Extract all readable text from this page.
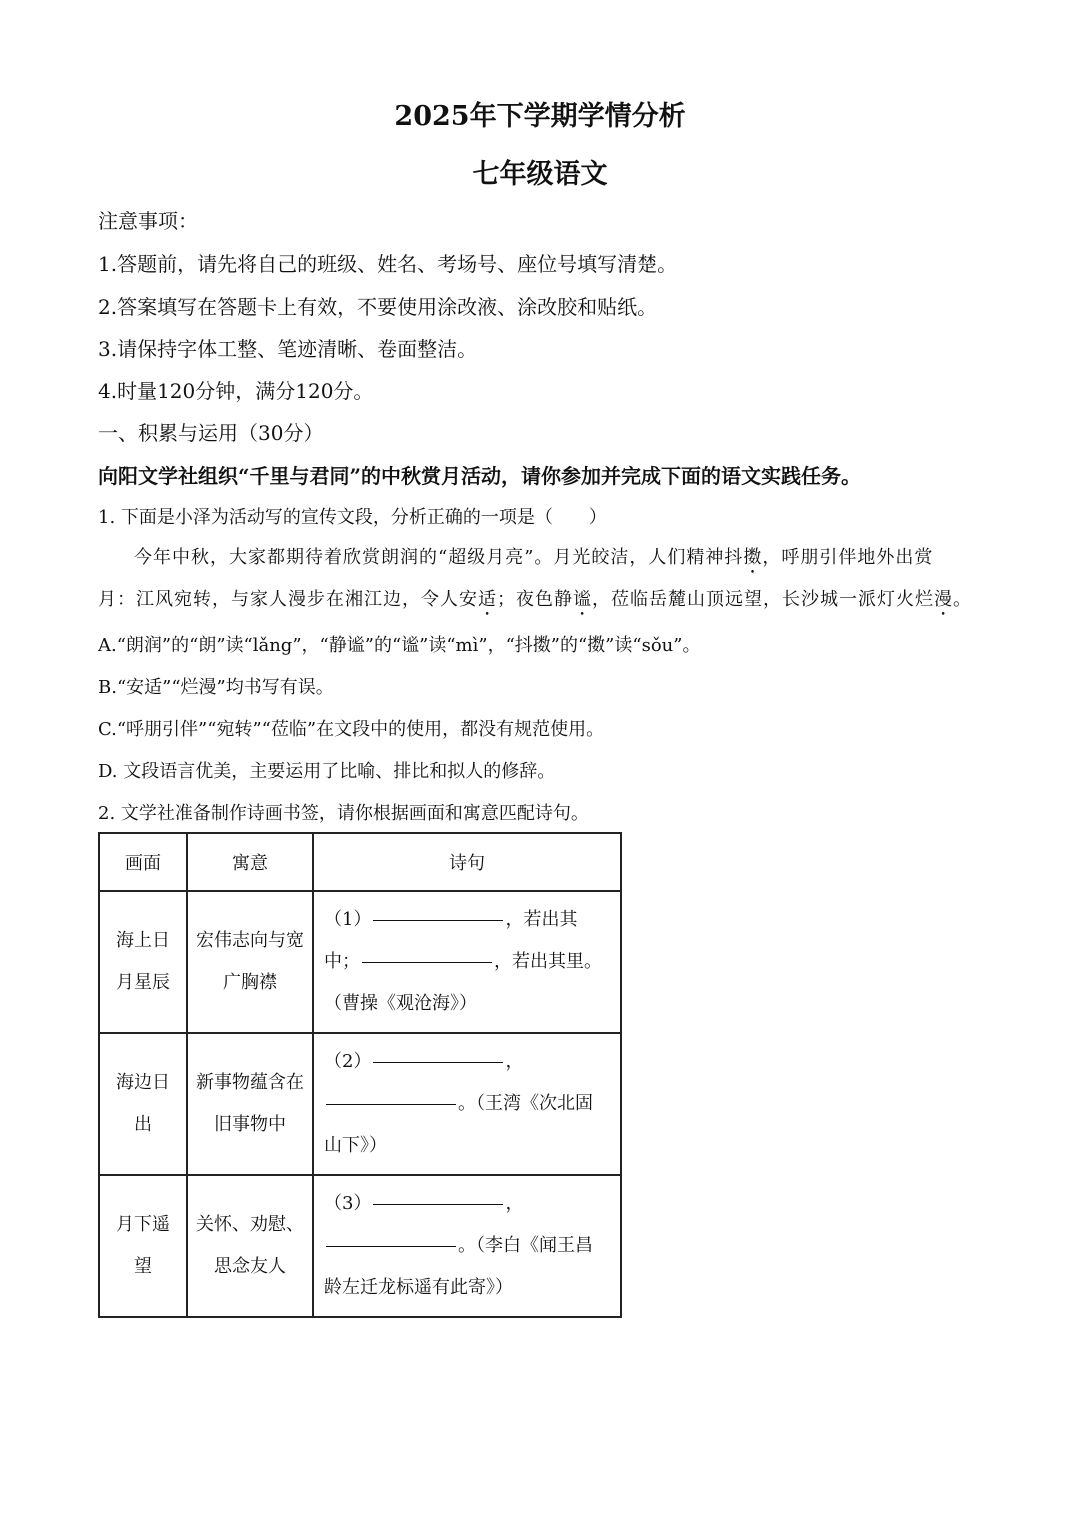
2025年下学期学情分析
七年级语文
注意事项：
1.答题前，请先将自己的班级、姓名、考场号、座位号填写清楚。
2.答案填写在答题卡上有效，不要使用涂改液、涂改胶和贴纸。
3.请保持字体工整、笔迹清晰、卷面整洁。
4.时量120分钟，满分120分。
一、积累与运用（30分）
向阳文学社组织“千里与君同”的中秋赏月活动，请你参加并完成下面的语文实践任务。
1. 下面是小泽为活动写的宣传文段，分析正确的一项是（　　）
今年中秋，大家都期待着欣赏朗润的“超级月亮”。月光皎洁，人们精神抖擞，呼朋引伴地外出赏
月：江风宛转，与家人漫步在湘江边，令人安适；夜色静谧，莅临岳麓山顶远望，长沙城一派灯火烂漫。
A.“朗润”的“朗”读“lǎng”，“静谧”的“谧”读“mì”，“抖擞”的“擞”读“sǒu”。
B.“安适”“烂漫”均书写有误。
C.“呼朋引伴”“宛转”“莅临”在文段中的使用，都没有规范使用。
D. 文段语言优美，主要运用了比喻、排比和拟人的修辞。
2. 文学社准备制作诗画书签，请你根据画面和寓意匹配诗句。
画面	寓意	诗句
海上日月星辰	宏伟志向与宽广胸襟	（1） ，若出其
中； ，若出其里。
（曹操《观沧海》）

海边日出	新事物蕴含在旧事物中	（2） ，
。（王湾《次北固
山下》）

月下遥望	关怀、劝慰、思念友人	（3） ，
。（李白《闻王昌
龄左迁龙标遥有此寄》）
